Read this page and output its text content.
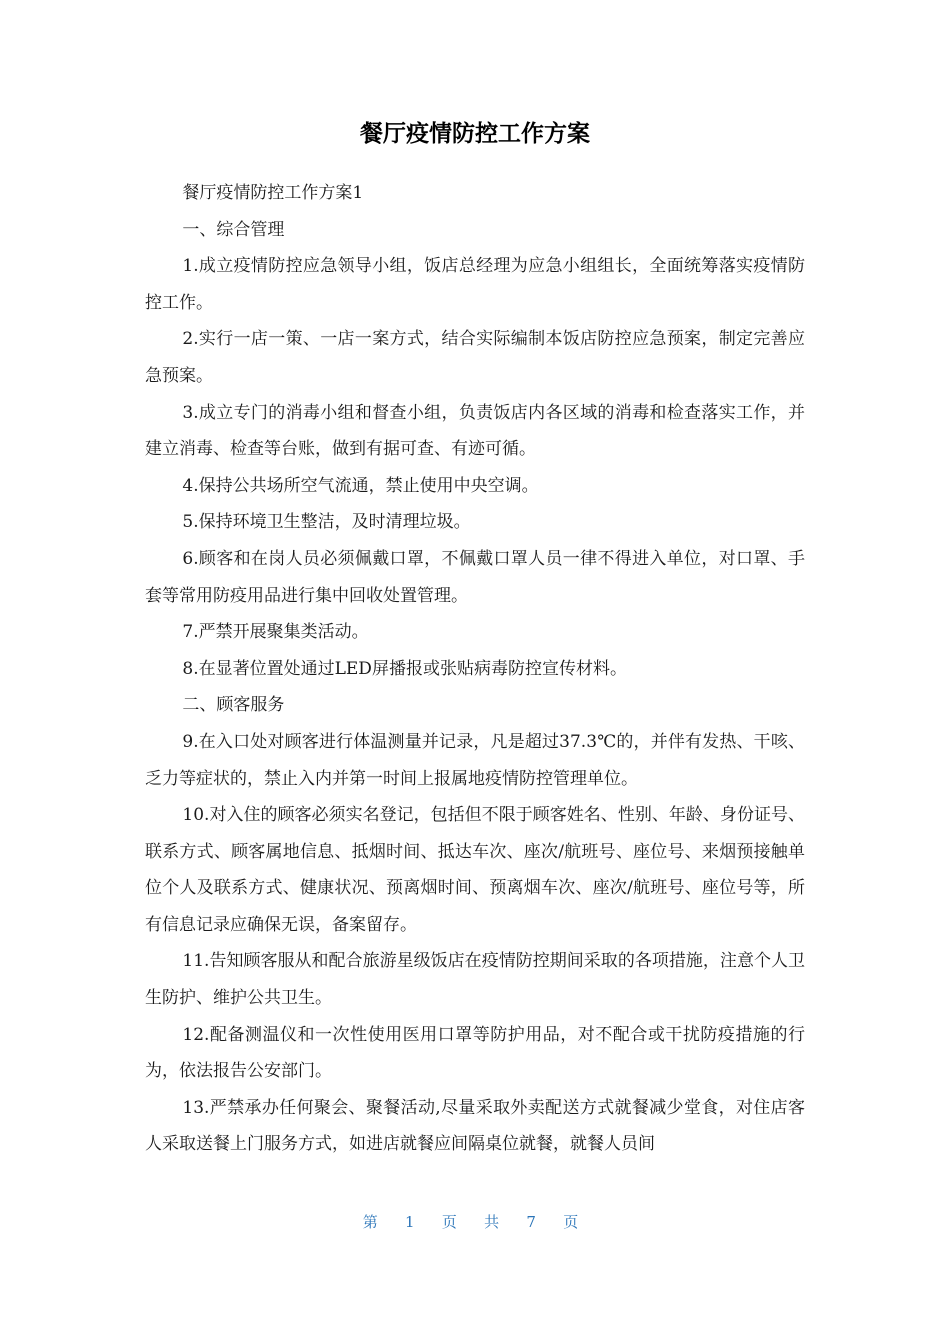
餐厅疫情防控工作方案

餐厅疫情防控工作方案1

一、综合管理

1.成立疫情防控应急领导小组，饭店总经理为应急小组组长，全面统筹落实疫情防控工作。

2.实行一店一策、一店一案方式，结合实际编制本饭店防控应急预案，制定完善应急预案。

3.成立专门的消毒小组和督查小组，负责饭店内各区域的消毒和检查落实工作，并建立消毒、检查等台账，做到有据可查、有迹可循。

4.保持公共场所空气流通，禁止使用中央空调。

5.保持环境卫生整洁，及时清理垃圾。

6.顾客和在岗人员必须佩戴口罩，不佩戴口罩人员一律不得进入单位，对口罩、手套等常用防疫用品进行集中回收处置管理。

7.严禁开展聚集类活动。

8.在显著位置处通过LED屏播报或张贴病毒防控宣传材料。

二、顾客服务

9.在入口处对顾客进行体温测量并记录，凡是超过37.3℃的，并伴有发热、干咳、乏力等症状的，禁止入内并第一时间上报属地疫情防控管理单位。

10.对入住的顾客必须实名登记，包括但不限于顾客姓名、性别、年龄、身份证号、联系方式、顾客属地信息、抵烟时间、抵达车次、座次/航班号、座位号、来烟预接触单位个人及联系方式、健康状况、预离烟时间、预离烟车次、座次/航班号、座位号等，所有信息记录应确保无误，备案留存。

11.告知顾客服从和配合旅游星级饭店在疫情防控期间采取的各项措施，注意个人卫生防护、维护公共卫生。

12.配备测温仪和一次性使用医用口罩等防护用品，对不配合或干扰防疫措施的行为，依法报告公安部门。

13.严禁承办任何聚会、聚餐活动,尽量采取外卖配送方式就餐减少堂食，对住店客人采取送餐上门服务方式，如进店就餐应间隔桌位就餐，就餐人员间

第 1 页 共 7 页
